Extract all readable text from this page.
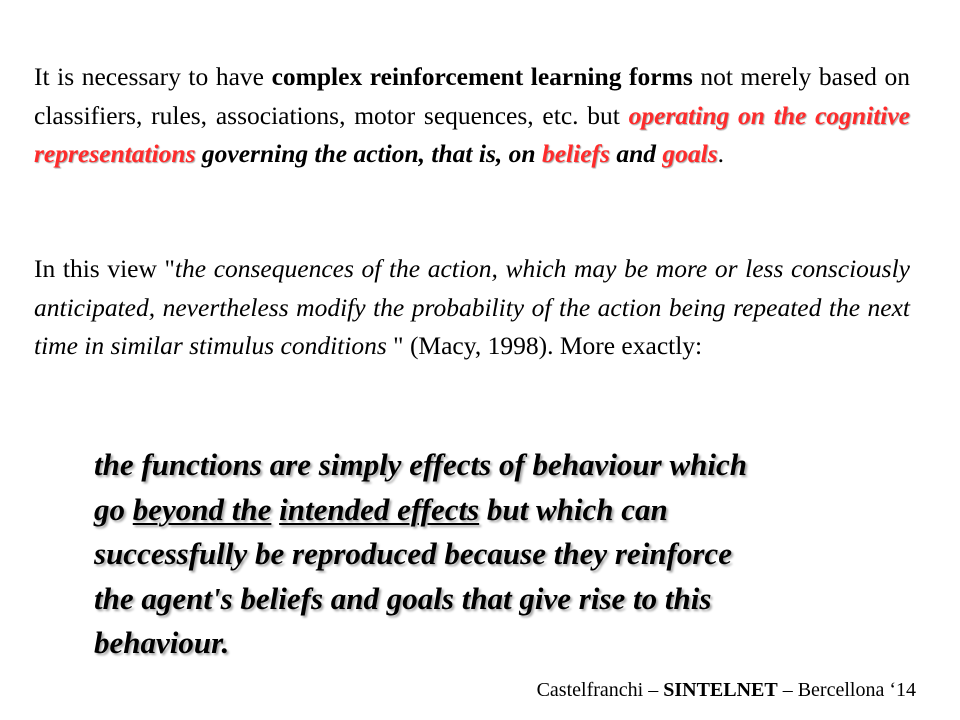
It is necessary to have complex reinforcement learning forms not merely based on classifiers, rules, associations, motor sequences, etc. but operating on the cognitive representations governing the action, that is, on beliefs and goals.

In this view "the consequences of the action, which may be more or less consciously anticipated, nevertheless modify the probability of the action being repeated the next time in similar stimulus conditions " (Macy, 1998). More exactly:

the functions are simply effects of behaviour which
go beyond the intended effects but which can
successfully be reproduced because they reinforce
the agent's beliefs and goals that give rise to this
behaviour.

Castelfranchi – SINTELNET – Bercellona ‘14
